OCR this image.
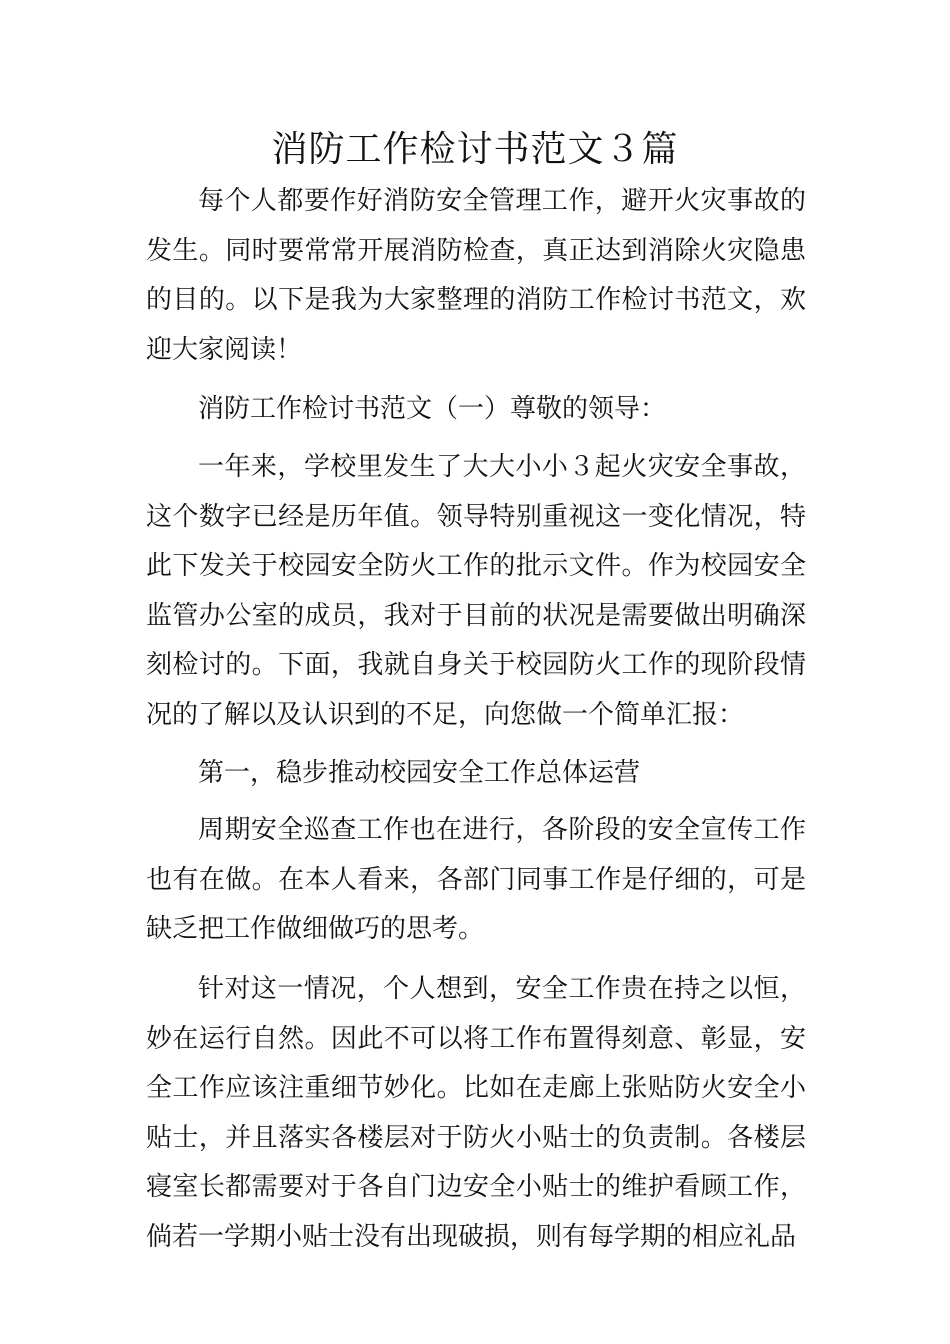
消防工作检讨书范文３篇

每个人都要作好消防安全管理工作，避开火灾事故的发生。同时要常常开展消防检查，真正达到消除火灾隐患的目的。以下是我为大家整理的消防工作检讨书范文，欢迎大家阅读！

消防工作检讨书范文（一）尊敬的领导：

一年来，学校里发生了大大小小３起火灾安全事故，这个数字已经是历年值。领导特别重视这一变化情况，特此下发关于校园安全防火工作的批示文件。作为校园安全监管办公室的成员，我对于目前的状况是需要做出明确深刻检讨的。下面，我就自身关于校园防火工作的现阶段情况的了解以及认识到的不足，向您做一个简单汇报：

第一，稳步推动校园安全工作总体运营

周期安全巡查工作也在进行，各阶段的安全宣传工作也有在做。在本人看来，各部门同事工作是仔细的，可是缺乏把工作做细做巧的思考。

针对这一情况，个人想到，安全工作贵在持之以恒，妙在运行自然。因此不可以将工作布置得刻意、彰显，安全工作应该注重细节妙化。比如在走廊上张贴防火安全小贴士，并且落实各楼层对于防火小贴士的负责制。各楼层寝室长都需要对于各自门边安全小贴士的维护看顾工作，倘若一学期小贴士没有出现破损，则有每学期的相应礼品
